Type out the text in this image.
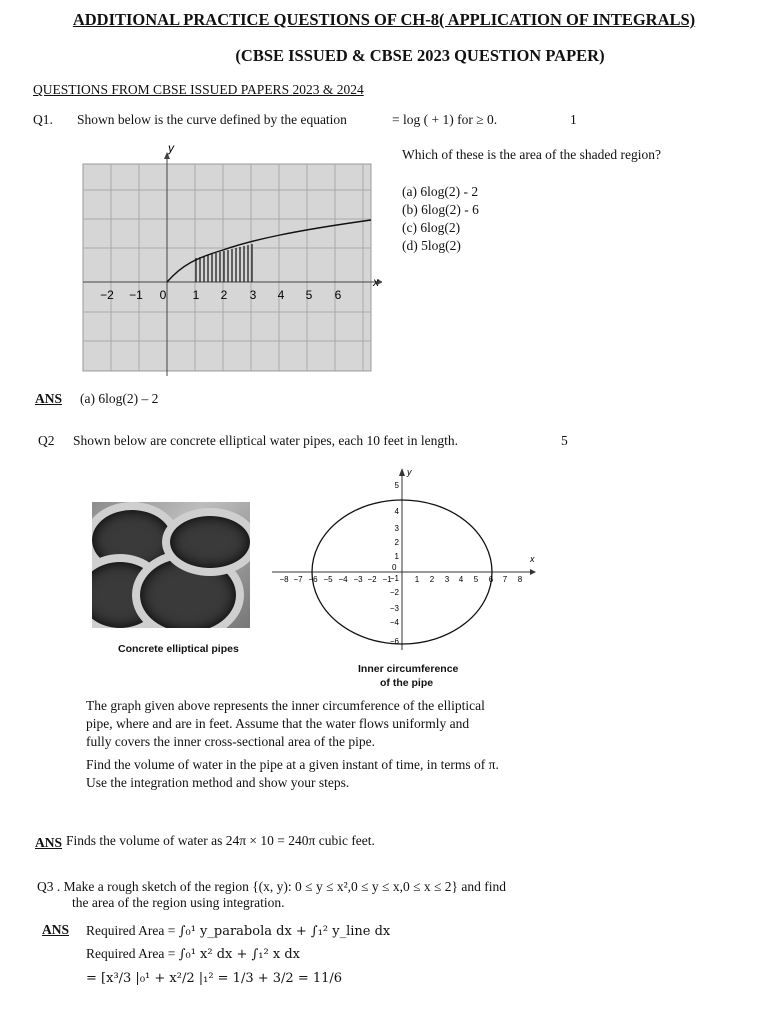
ADDITIONAL PRACTICE QUESTIONS OF CH-8( APPLICATION OF INTEGRALS)
(CBSE ISSUED & CBSE 2023 QUESTION PAPER)
QUESTIONS FROM CBSE ISSUED PAPERS 2023 & 2024
Q1. Shown below is the curve defined by the equation	= log ( + 1) for ≥ 0.	1
y
x
−2 −1 0 1 2 3 4 5 6
Which of these is the area of the shaded region?
(a) 6log(2) - 2
(b) 6log(2) - 6
(c) 6log(2)
(d) 5log(2)
ANS (a) 6log(2) – 2
Q2 Shown below are concrete elliptical water pipes, each 10 feet in length.	5
Concrete elliptical pipes
x
y
0
−8 −7 −6 −5 −4 −3 −2 −1	1 2 3 4 5 6 7 8
1
2
3
4
5
−1
−2
−3
−4
−6
Inner circumference
of the pipe
The graph given above represents the inner circumference of the elliptical
pipe, where and are in feet. Assume that the water flows uniformly and
fully covers the inner cross-sectional area of the pipe.
Find the volume of water in the pipe at a given instant of time, in terms of π.
Use the integration method and show your steps.
ANS Finds the volume of water as 24π × 10 = 240π cubic feet.
Q3 . Make a rough sketch of the region {(x, y): 0 ≤ y ≤ x²,0 ≤ y ≤ x,0 ≤ x ≤ 2} and find
the area of the region using integration.
ANS Required Area = ∫₀¹ y_parabola dx + ∫₁² y_line dx
Required Area = ∫₀¹ x² dx + ∫₁² x dx
= [x³/3 |₀¹ + x²/2 |₁² = 1/3 + 3/2 = 11/6
